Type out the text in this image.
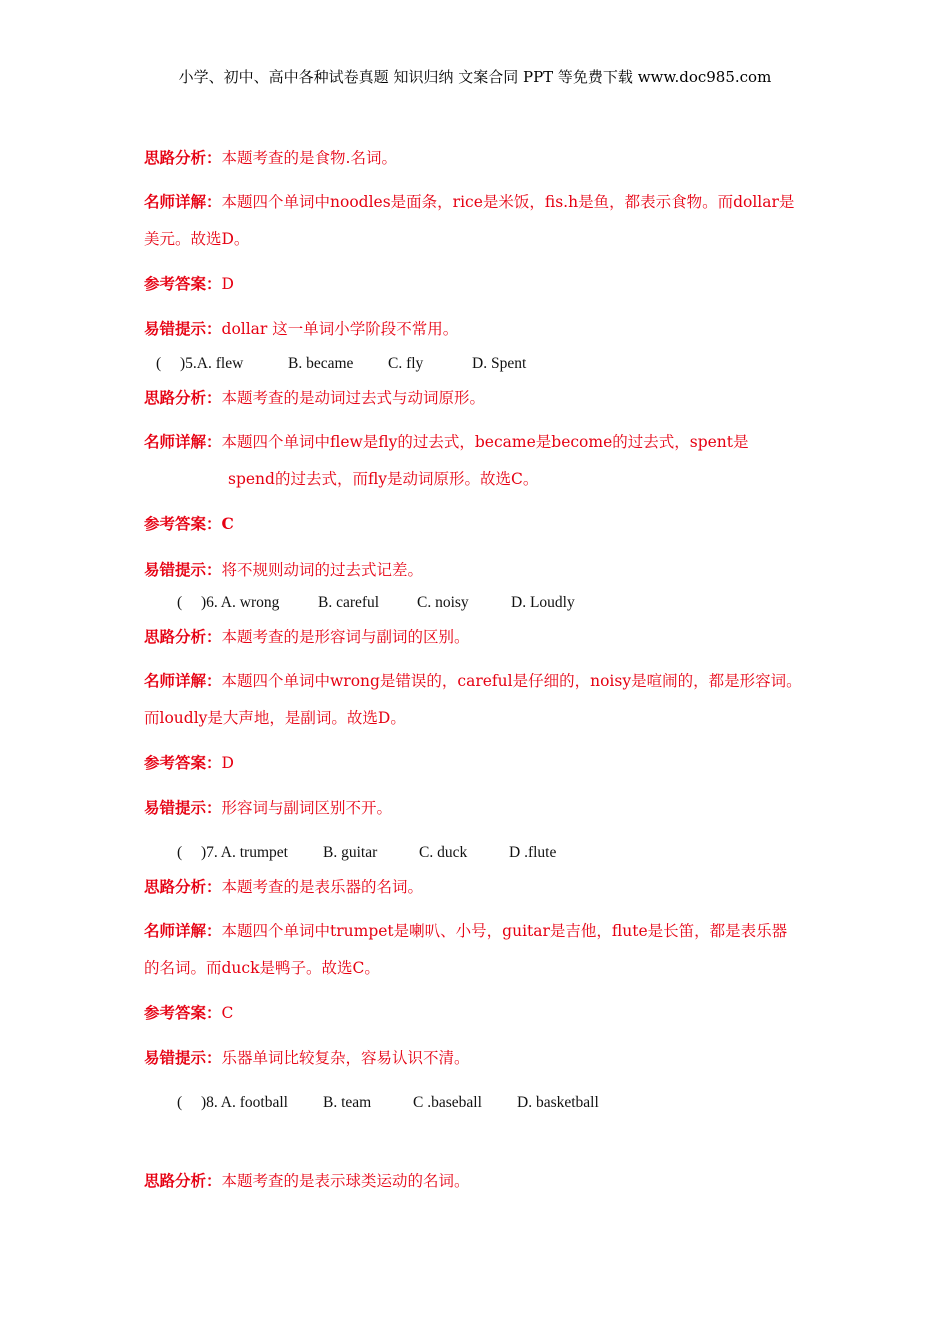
小学、初中、高中各种试卷真题 知识归纳 文案合同 PPT 等免费下载 www.doc985.com
思路分析：本题考查的是食物.名词。
名师详解：本题四个单词中noodles是面条，rice是米饭，fis.h是鱼，都表示食物。而dollar是
美元。故选D。
参考答案：D
易错提示：dollar 这一单词小学阶段不常用。
( )5.A. flew	B. became C. fly	D. Spent
思路分析：本题考查的是动词过去式与动词原形。
名师详解：本题四个单词中flew是fly的过去式，became是become的过去式，spent是
spend的过去式，而fly是动词原形。故选C。
参考答案：C
易错提示：将不规则动词的过去式记差。
( )6. A. wrong B. careful C. noisy	D. Loudly
思路分析：本题考查的是形容词与副词的区别。
名师详解：本题四个单词中wrong是错误的，careful是仔细的，noisy是喧闹的，都是形容词。
而loudly是大声地，是副词。故选D。
参考答案：D
易错提示：形容词与副词区别不开。
( )7. A. trumpet B. guitar	C. duck	D .flute
思路分析：本题考查的是表乐器的名词。
名师详解：本题四个单词中trumpet是喇叭、小号，guitar是吉他，flute是长笛，都是表乐器
的名词。而duck是鸭子。故选C。
参考答案：C
易错提示：乐器单词比较复杂，容易认识不清。
( )8. A. football B. team	C .baseball D. basketball
思路分析：本题考查的是表示球类运动的名词。
